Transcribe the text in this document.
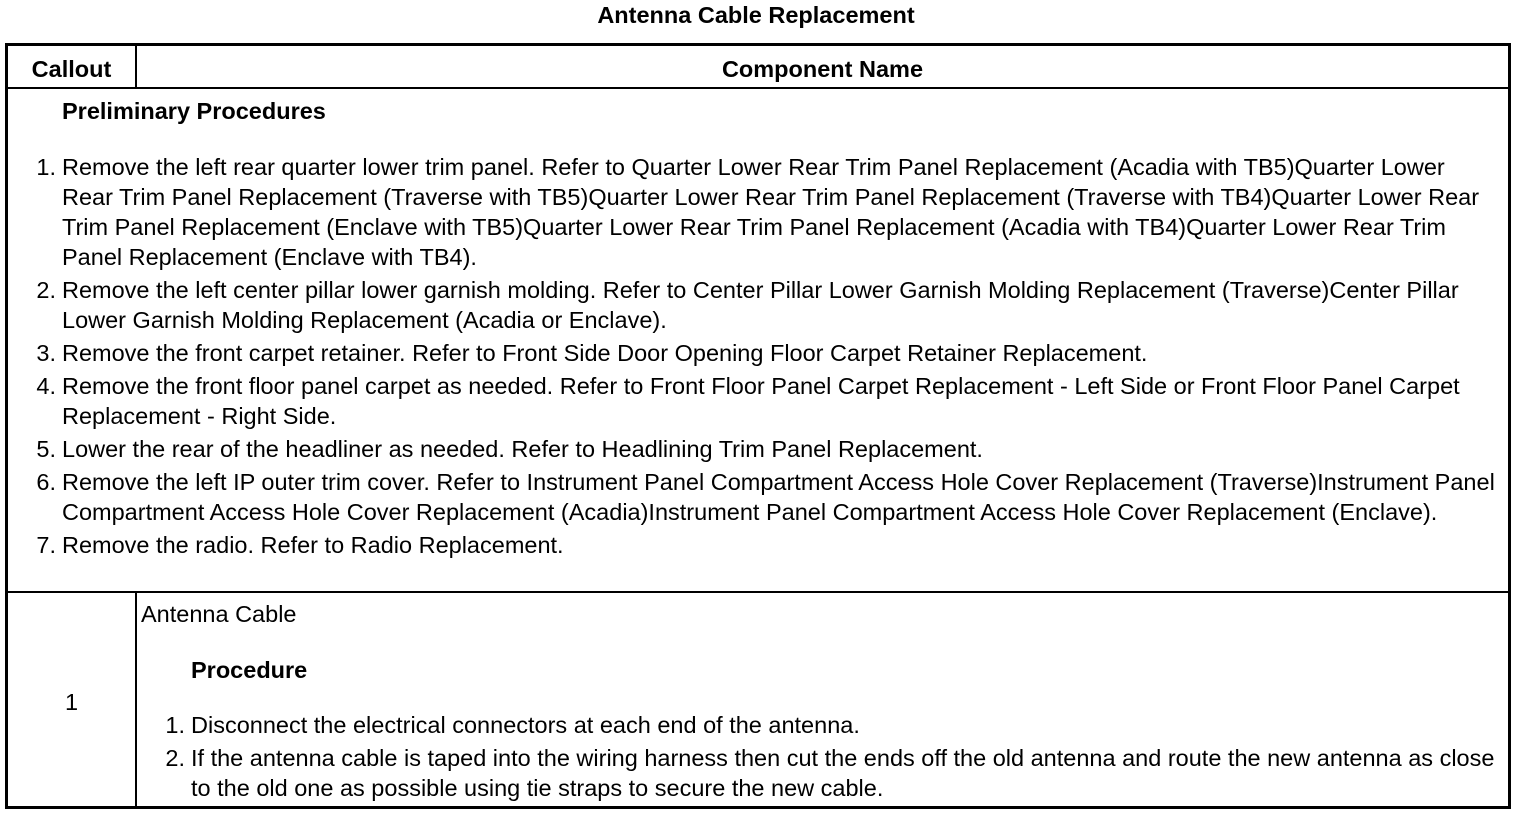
Antenna Cable Replacement
Callout	Component Name
Preliminary Procedures
1. Remove the left rear quarter lower trim panel. Refer to Quarter Lower Rear Trim Panel Replacement (Acadia with TB5)Quarter Lower Rear Trim Panel Replacement (Traverse with TB5)Quarter Lower Rear Trim Panel Replacement (Traverse with TB4)Quarter Lower Rear Trim Panel Replacement (Enclave with TB5)Quarter Lower Rear Trim Panel Replacement (Acadia with TB4)Quarter Lower Rear Trim Panel Replacement (Enclave with TB4).
2. Remove the left center pillar lower garnish molding. Refer to Center Pillar Lower Garnish Molding Replacement (Traverse)Center Pillar Lower Garnish Molding Replacement (Acadia or Enclave).
3. Remove the front carpet retainer. Refer to Front Side Door Opening Floor Carpet Retainer Replacement.
4. Remove the front floor panel carpet as needed. Refer to Front Floor Panel Carpet Replacement - Left Side or Front Floor Panel Carpet Replacement - Right Side.
5. Lower the rear of the headliner as needed. Refer to Headlining Trim Panel Replacement.
6. Remove the left IP outer trim cover. Refer to Instrument Panel Compartment Access Hole Cover Replacement (Traverse)Instrument Panel Compartment Access Hole Cover Replacement (Acadia)Instrument Panel Compartment Access Hole Cover Replacement (Enclave).
7. Remove the radio. Refer to Radio Replacement.
1
Antenna Cable
Procedure
1. Disconnect the electrical connectors at each end of the antenna.
2. If the antenna cable is taped into the wiring harness then cut the ends off the old antenna and route the new antenna as close to the old one as possible using tie straps to secure the new cable.
